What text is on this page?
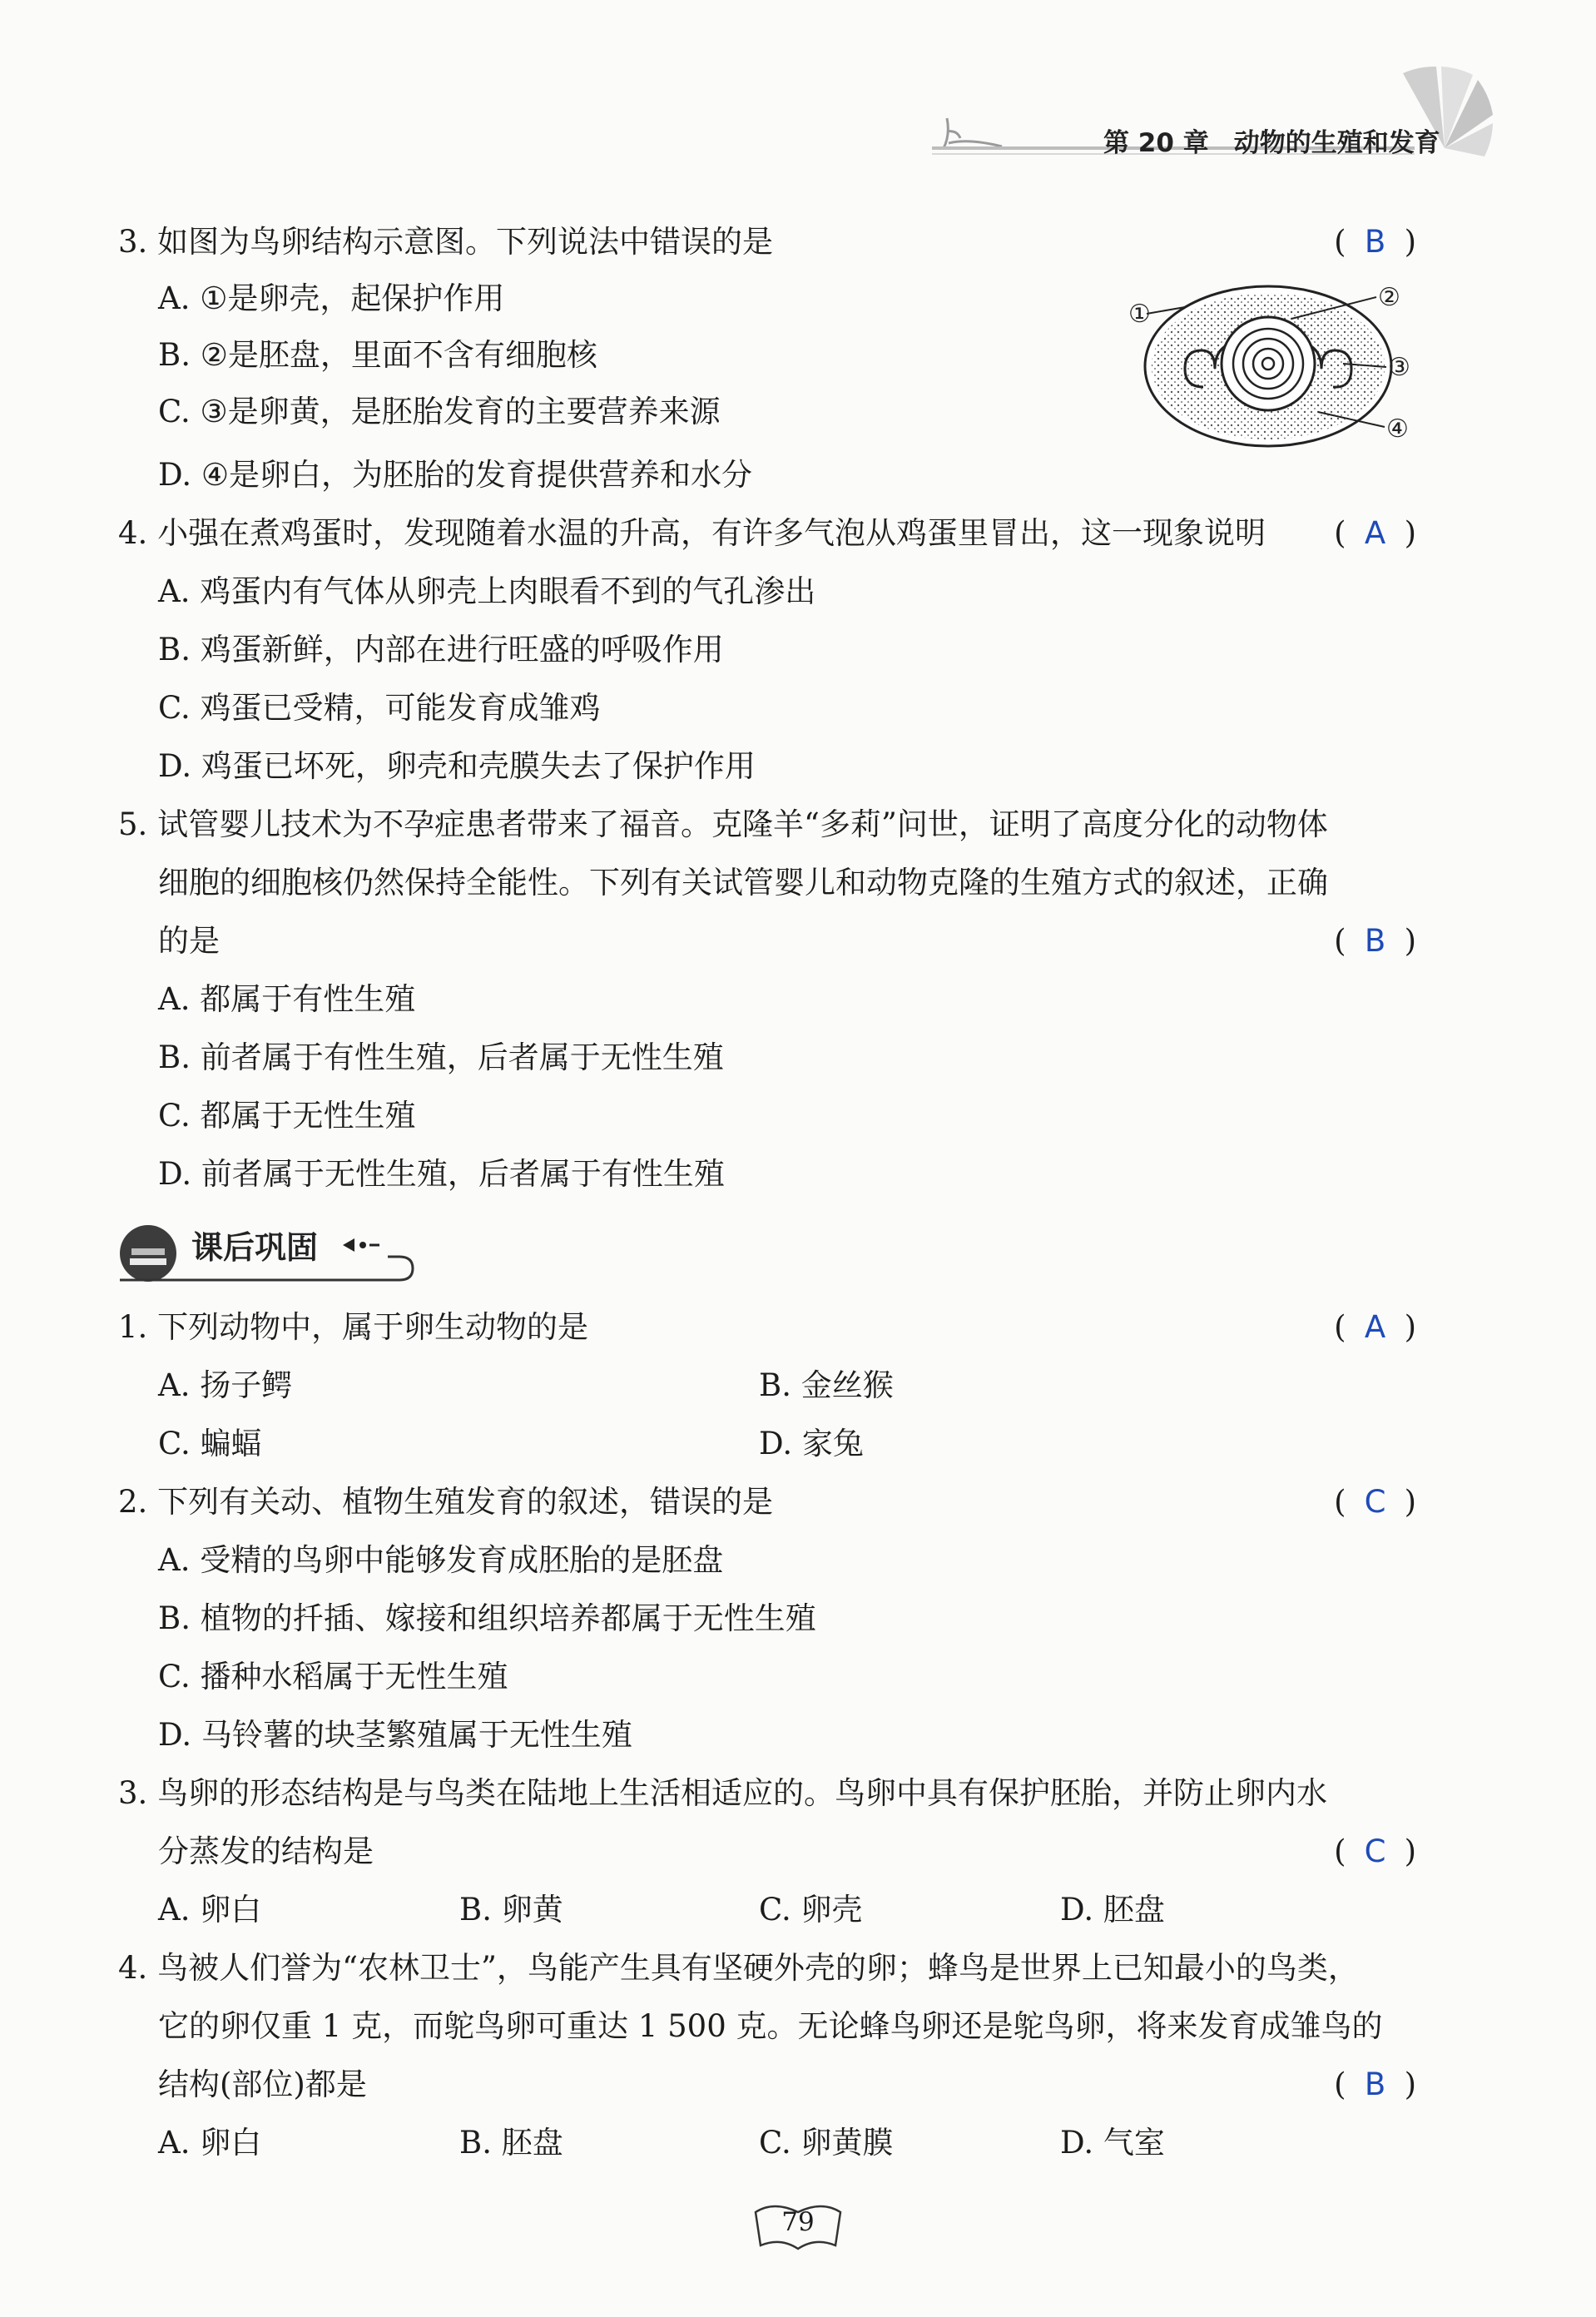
第 20 章 动物的生殖和发育
3. 如图为鸟卵结构示意图。下列说法中错误的是	( B )
A. ①是卵壳，起保护作用
B. ②是胚盘，里面不含有细胞核
C. ③是卵黄，是胚胎发育的主要营养来源
D. ④是卵白，为胚胎的发育提供营养和水分
①
②
③
④
4. 小强在煮鸡蛋时，发现随着水温的升高，有许多气泡从鸡蛋里冒出，这一现象说明 ( A )
A. 鸡蛋内有气体从卵壳上肉眼看不到的气孔渗出
B. 鸡蛋新鲜，内部在进行旺盛的呼吸作用
C. 鸡蛋已受精，可能发育成雏鸡
D. 鸡蛋已坏死，卵壳和壳膜失去了保护作用
5. 试管婴儿技术为不孕症患者带来了福音。克隆羊“多莉”问世，证明了高度分化的动物体
细胞的细胞核仍然保持全能性。下列有关试管婴儿和动物克隆的生殖方式的叙述，正确
的是	( B )
A. 都属于有性生殖
B. 前者属于有性生殖，后者属于无性生殖
C. 都属于无性生殖
D. 前者属于无性生殖，后者属于有性生殖
课后巩固
1. 下列动物中，属于卵生动物的是	( A )
A. 扬子鳄	B. 金丝猴
C. 蝙蝠	D. 家兔
2. 下列有关动、植物生殖发育的叙述，错误的是	( C )
A. 受精的鸟卵中能够发育成胚胎的是胚盘
B. 植物的扦插、嫁接和组织培养都属于无性生殖
C. 播种水稻属于无性生殖
D. 马铃薯的块茎繁殖属于无性生殖
3. 鸟卵的形态结构是与鸟类在陆地上生活相适应的。鸟卵中具有保护胚胎，并防止卵内水
分蒸发的结构是	( C )
A. 卵白	B. 卵黄	C. 卵壳	D. 胚盘
4. 鸟被人们誉为“农林卫士”，鸟能产生具有坚硬外壳的卵；蜂鸟是世界上已知最小的鸟类，
它的卵仅重 1 克，而鸵鸟卵可重达 1 500 克。无论蜂鸟卵还是鸵鸟卵，将来发育成雏鸟的
结构(部位)都是	( B )
A. 卵白	B. 胚盘	C. 卵黄膜	D. 气室
79
